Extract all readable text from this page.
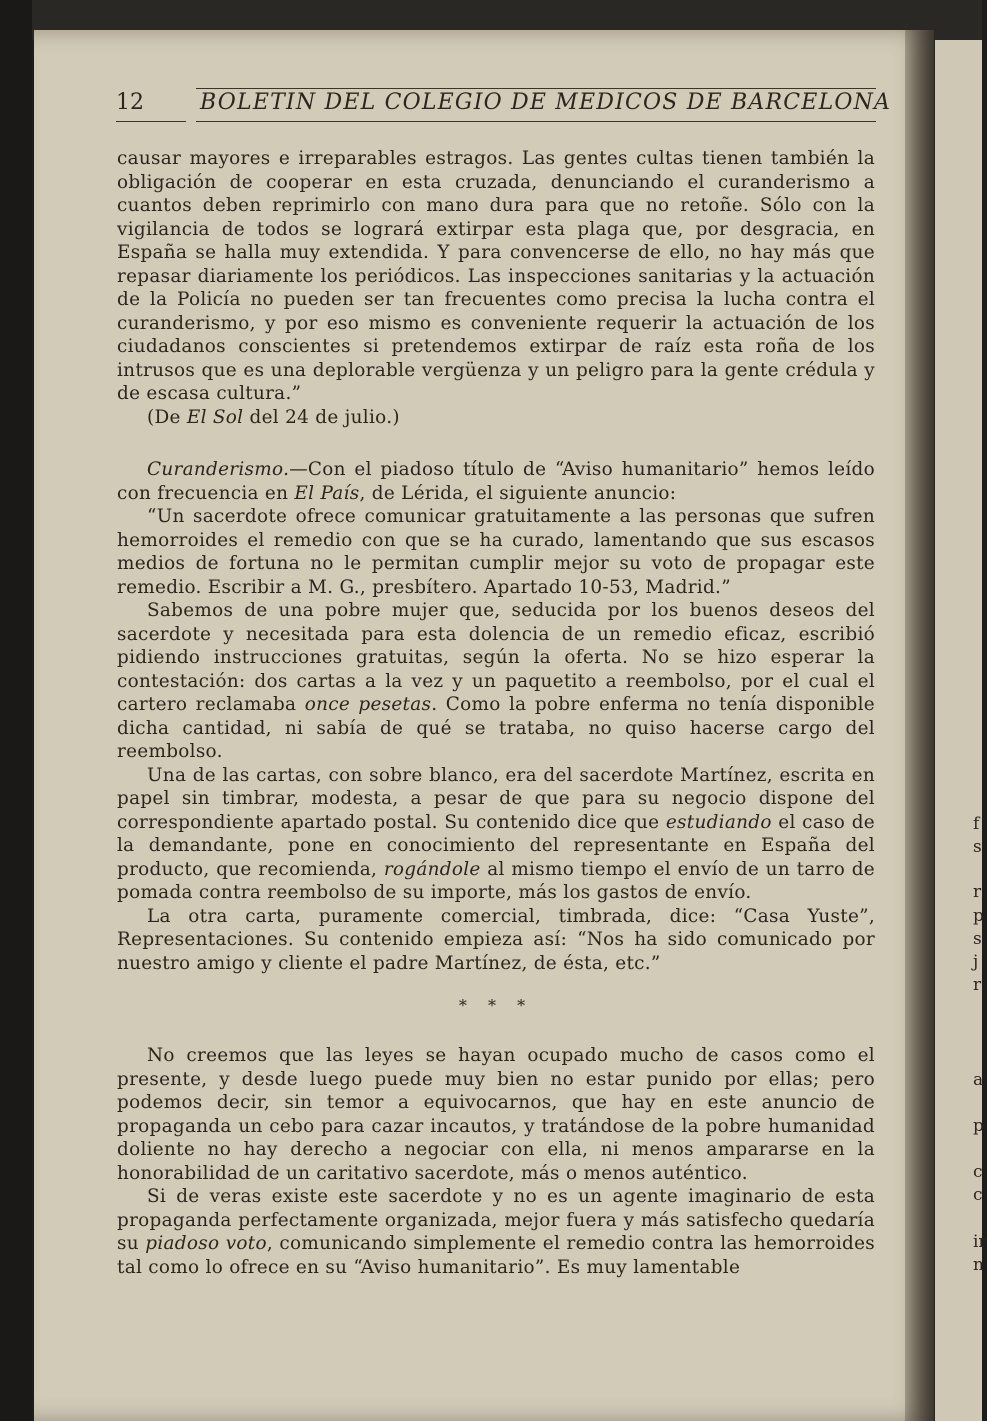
f
s
r
p
s
j
r
a
p
c
c
ir
n
12	BOLETIN DEL COLEGIO DE MEDICOS DE BARCELONA

causar mayores e irreparables estragos. Las gentes cultas tienen también la obligación de cooperar en esta cruzada, denunciando el curanderismo a cuantos deben reprimirlo con mano dura para que no retoñe. Sólo con la vigilancia de todos se logrará extirpar esta plaga que, por desgracia, en España se halla muy extendida. Y para convencerse de ello, no hay más que repasar diariamente los periódicos. Las inspecciones sanitarias y la actuación de la Policía no pueden ser tan frecuentes como precisa la lucha contra el curanderismo, y por eso mismo es conveniente requerir la actuación de los ciudadanos conscientes si pretendemos extirpar de raíz esta roña de los intrusos que es una deplorable vergüenza y un peligro para la gente crédula y de escasa cultura.”

(De El Sol del 24 de julio.)

Curanderismo.—Con el piadoso título de “Aviso humanitario” hemos leído con frecuencia en El País, de Lérida, el siguiente anuncio:

“Un sacerdote ofrece comunicar gratuitamente a las personas que sufren hemorroides el remedio con que se ha curado, lamentando que sus escasos medios de fortuna no le permitan cumplir mejor su voto de propagar este remedio. Escribir a M. G., presbítero. Apartado 10-53, Madrid.”

Sabemos de una pobre mujer que, seducida por los buenos deseos del sacerdote y necesitada para esta dolencia de un remedio eficaz, escribió pidiendo instrucciones gratuitas, según la oferta. No se hizo esperar la contestación: dos cartas a la vez y un paquetito a reembolso, por el cual el cartero reclamaba once pesetas. Como la pobre enferma no tenía disponible dicha cantidad, ni sabía de qué se trataba, no quiso hacerse cargo del reembolso.

Una de las cartas, con sobre blanco, era del sacerdote Martínez, escrita en papel sin timbrar, modesta, a pesar de que para su negocio dispone del correspondiente apartado postal. Su contenido dice que estudiando el caso de la demandante, pone en conocimiento del representante en España del producto, que recomienda, rogándole al mismo tiempo el envío de un tarro de pomada contra reembolso de su importe, más los gastos de envío.

La otra carta, puramente comercial, timbrada, dice: “Casa Yuste”, Representaciones. Su contenido empieza así: “Nos ha sido comunicado por nuestro amigo y cliente el padre Martínez, de ésta, etc.”

* * *

No creemos que las leyes se hayan ocupado mucho de casos como el presente, y desde luego puede muy bien no estar punido por ellas; pero podemos decir, sin temor a equivocarnos, que hay en este anuncio de propaganda un cebo para cazar incautos, y tratándose de la pobre humanidad doliente no hay derecho a negociar con ella, ni menos ampararse en la honorabilidad de un caritativo sacerdote, más o menos auténtico.

Si de veras existe este sacerdote y no es un agente imaginario de esta propaganda perfectamente organizada, mejor fuera y más satisfecho quedaría su piadoso voto, comunicando simplemente el remedio contra las hemorroides tal como lo ofrece en su “Aviso humanitario”. Es muy lamentable
